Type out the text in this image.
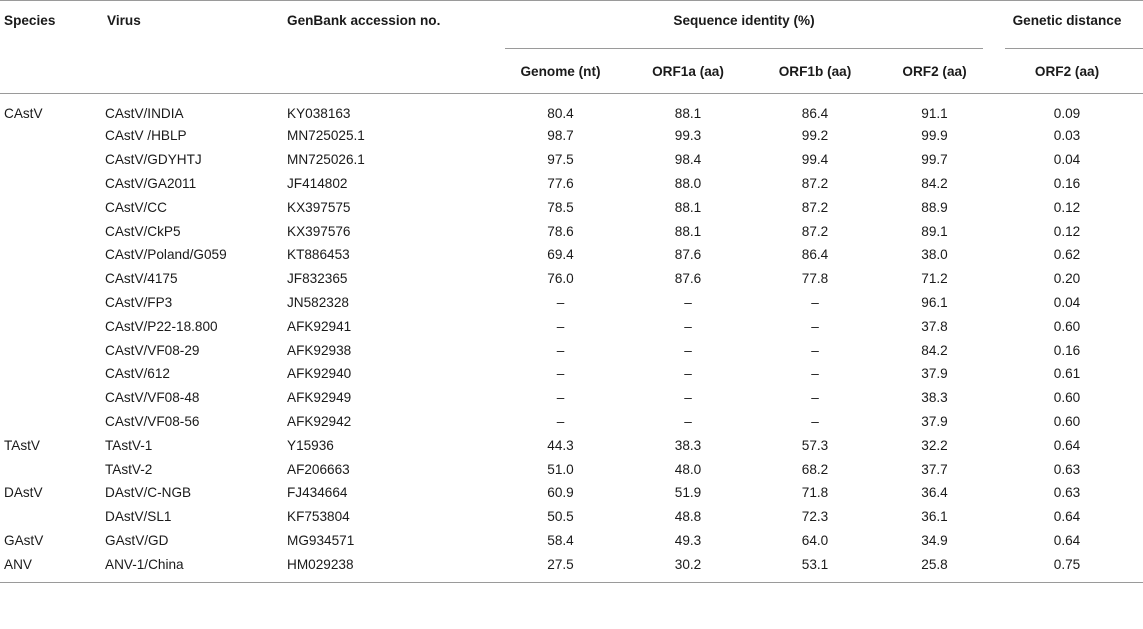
Species	Virus	GenBank accession no.	Sequence identity (%)				Genetic distance

			Genome (nt)	ORF1a (aa)	ORF1b (aa)	ORF2 (aa)	ORF2 (aa)
CAstV	CAstV/INDIA	KY038163	80.4	88.1	86.4	91.1	0.09
	CAstV /HBLP	MN725025.1	98.7	99.3	99.2	99.9	0.03
	CAstV/GDYHTJ	MN725026.1	97.5	98.4	99.4	99.7	0.04
	CAstV/GA2011	JF414802	77.6	88.0	87.2	84.2	0.16
	CAstV/CC	KX397575	78.5	88.1	87.2	88.9	0.12
	CAstV/CkP5	KX397576	78.6	88.1	87.2	89.1	0.12
	CAstV/Poland/G059	KT886453	69.4	87.6	86.4	38.0	0.62
	CAstV/4175	JF832365	76.0	87.6	77.8	71.2	0.20
	CAstV/FP3	JN582328	–	–	–	96.1	0.04
	CAstV/P22-18.800	AFK92941	–	–	–	37.8	0.60
	CAstV/VF08-29	AFK92938	–	–	–	84.2	0.16
	CAstV/612	AFK92940	–	–	–	37.9	0.61
	CAstV/VF08-48	AFK92949	–	–	–	38.3	0.60
	CAstV/VF08-56	AFK92942	–	–	–	37.9	0.60
TAstV	TAstV-1	Y15936	44.3	38.3	57.3	32.2	0.64
	TAstV-2	AF206663	51.0	48.0	68.2	37.7	0.63
DAstV	DAstV/C-NGB	FJ434664	60.9	51.9	71.8	36.4	0.63
	DAstV/SL1	KF753804	50.5	48.8	72.3	36.1	0.64
GAstV	GAstV/GD	MG934571	58.4	49.3	64.0	34.9	0.64
ANV	ANV-1/China	HM029238	27.5	30.2	53.1	25.8	0.75
